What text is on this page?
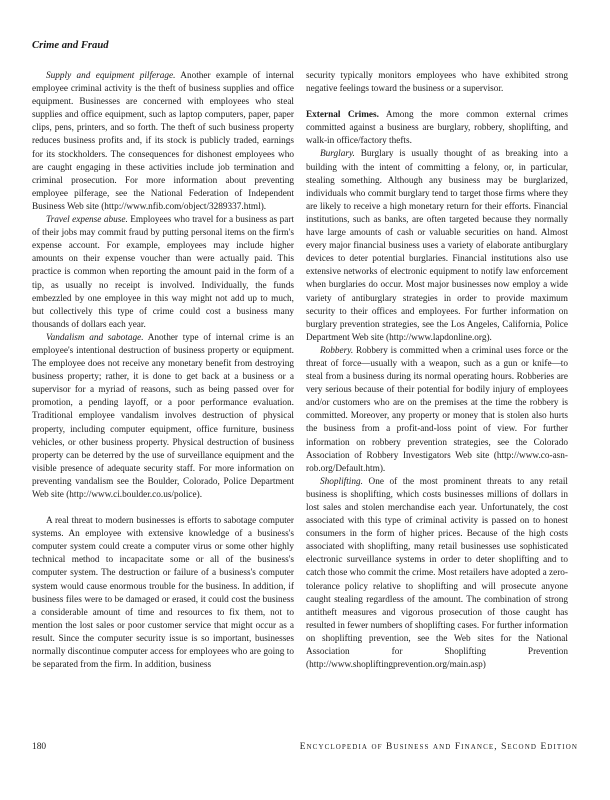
Crime and Fraud

Supply and equipment pilferage. Another example of internal employee criminal activity is the theft of business supplies and office equipment. Businesses are concerned with employees who steal supplies and office equipment, such as laptop computers, paper, paper clips, pens, printers, and so forth. The theft of such business property reduces business profits and, if its stock is publicly traded, earnings for its stockholders. The consequences for dishonest employees who are caught engaging in these activities include job termination and criminal prosecution. For more information about preventing employee pilferage, see the National Federation of Independent Business Web site (http://www.nfib.com/object/3289337.html).

Travel expense abuse. Employees who travel for a business as part of their jobs may commit fraud by putting personal items on the firm's expense account. For example, employees may include higher amounts on their expense voucher than were actually paid. This practice is common when reporting the amount paid in the form of a tip, as usually no receipt is involved. Individually, the funds embezzled by one employee in this way might not add up to much, but collectively this type of crime could cost a business many thousands of dollars each year.

Vandalism and sabotage. Another type of internal crime is an employee's intentional destruction of business property or equipment. The employee does not receive any monetary benefit from destroying business property; rather, it is done to get back at a business or a supervisor for a myriad of reasons, such as being passed over for promotion, a pending layoff, or a poor performance evaluation. Traditional employee vandalism involves destruction of physical property, including computer equipment, office furniture, business vehicles, or other business property. Physical destruction of business property can be deterred by the use of surveillance equipment and the visible presence of adequate security staff. For more information on preventing vandalism see the Boulder, Colorado, Police Department Web site (http://www.ci.boulder.co.us/police).

A real threat to modern businesses is efforts to sabotage computer systems. An employee with extensive knowledge of a business's computer system could create a computer virus or some other highly technical method to incapacitate some or all of the business's computer system. The destruction or failure of a business's computer system would cause enormous trouble for the business. In addition, if business files were to be damaged or erased, it could cost the business a considerable amount of time and resources to fix them, not to mention the lost sales or poor customer service that might occur as a result. Since the computer security issue is so important, businesses normally discontinue computer access for employees who are going to be separated from the firm. In addition, business

security typically monitors employees who have exhibited strong negative feelings toward the business or a supervisor.

External Crimes. Among the more common external crimes committed against a business are burglary, robbery, shoplifting, and walk-in office/factory thefts.

Burglary. Burglary is usually thought of as breaking into a building with the intent of committing a felony, or, in particular, stealing something. Although any business may be burglarized, individuals who commit burglary tend to target those firms where they are likely to receive a high monetary return for their efforts. Financial institutions, such as banks, are often targeted because they normally have large amounts of cash or valuable securities on hand. Almost every major financial business uses a variety of elaborate antiburglary devices to deter potential burglaries. Financial institutions also use extensive networks of electronic equipment to notify law enforcement when burglaries do occur. Most major businesses now employ a wide variety of antiburglary strategies in order to provide maximum security to their offices and employees. For further information on burglary prevention strategies, see the Los Angeles, California, Police Department Web site (http://www.lapdonline.org).

Robbery. Robbery is committed when a criminal uses force or the threat of force—usually with a weapon, such as a gun or knife—to steal from a business during its normal operating hours. Robberies are very serious because of their potential for bodily injury of employees and/or customers who are on the premises at the time the robbery is committed. Moreover, any property or money that is stolen also hurts the business from a profit-and-loss point of view. For further information on robbery prevention strategies, see the Colorado Association of Robbery Investigators Web site (http://www.co-asn-rob.org/Default.htm).

Shoplifting. One of the most prominent threats to any retail business is shoplifting, which costs businesses millions of dollars in lost sales and stolen merchandise each year. Unfortunately, the cost associated with this type of criminal activity is passed on to honest consumers in the form of higher prices. Because of the high costs associated with shoplifting, many retail businesses use sophisticated electronic surveillance systems in order to deter shoplifting and to catch those who commit the crime. Most retailers have adopted a zero-tolerance policy relative to shoplifting and will prosecute anyone caught stealing regardless of the amount. The combination of strong antitheft measures and vigorous prosecution of those caught has resulted in fewer numbers of shoplifting cases. For further information on shoplifting prevention, see the Web sites for the National Association for Shoplifting Prevention (http://www.shopliftingprevention.org/main.asp)

180	Encyclopedia of Business and Finance, Second Edition
